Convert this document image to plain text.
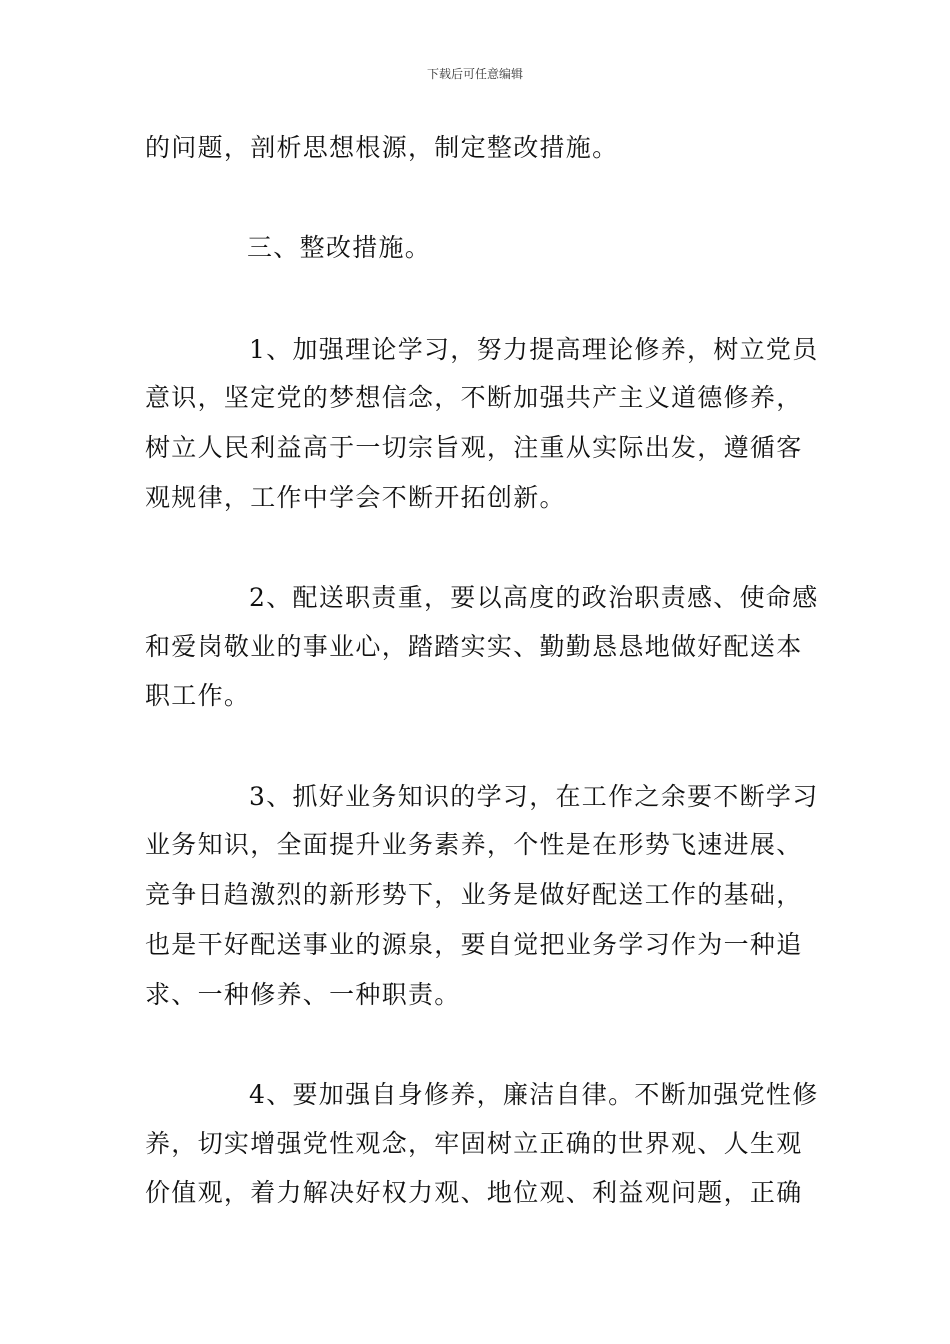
下载后可任意编辑
的问题，剖析思想根源，制定整改措施。
三、整改措施。
1、加强理论学习，努力提高理论修养，树立党员
意识，坚定党的梦想信念，不断加强共产主义道德修养，
树立人民利益高于一切宗旨观，注重从实际出发，遵循客
观规律，工作中学会不断开拓创新。
2、配送职责重，要以高度的政治职责感、使命感
和爱岗敬业的事业心，踏踏实实、勤勤恳恳地做好配送本
职工作。
3、抓好业务知识的学习，在工作之余要不断学习
业务知识，全面提升业务素养，个性是在形势飞速进展、
竞争日趋激烈的新形势下，业务是做好配送工作的基础，
也是干好配送事业的源泉，要自觉把业务学习作为一种追
求、一种修养、一种职责。
4、要加强自身修养，廉洁自律。不断加强党性修
养，切实增强党性观念，牢固树立正确的世界观、人生观
价值观，着力解决好权力观、地位观、利益观问题，正确
